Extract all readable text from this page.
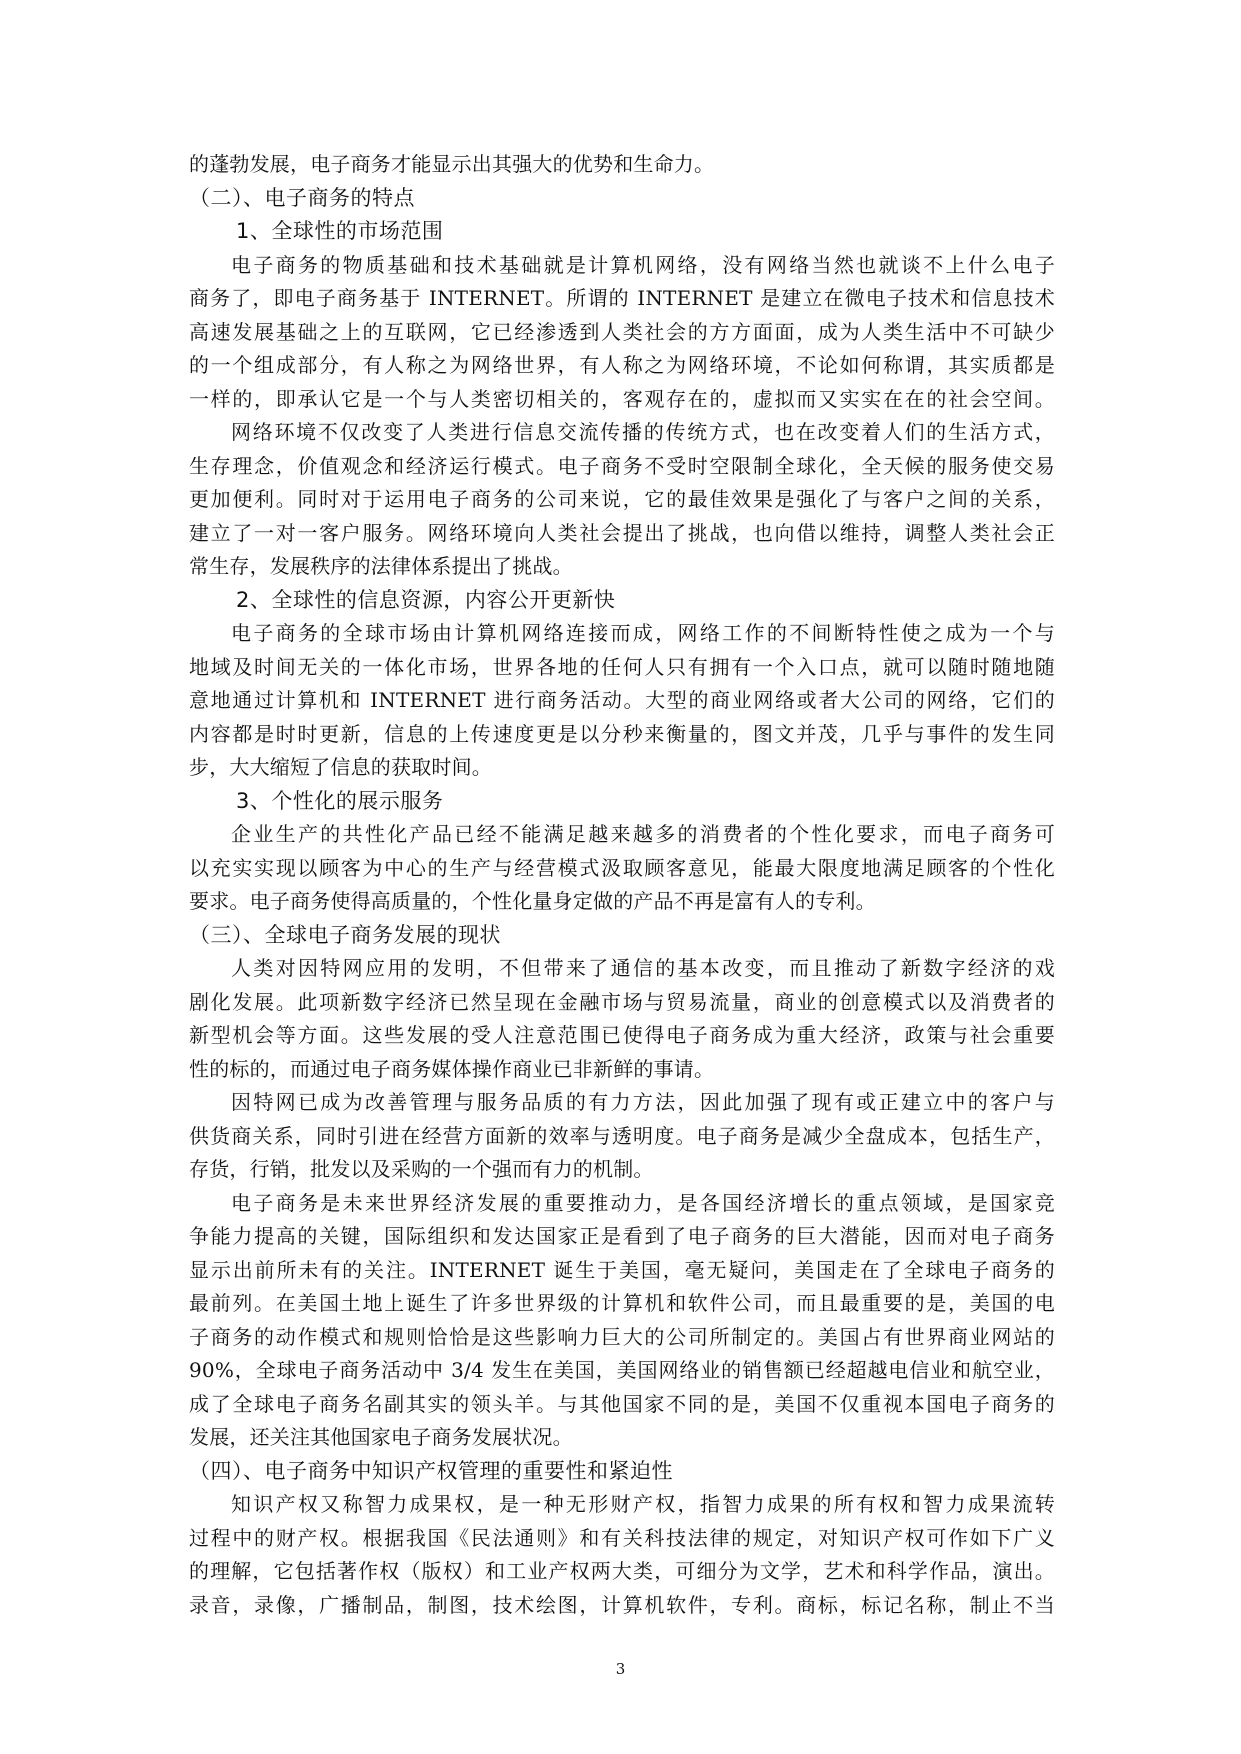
的蓬勃发展，电子商务才能显示出其强大的优势和生命力。
（二）、电子商务的特点
1、全球性的市场范围
电子商务的物质基础和技术基础就是计算机网络，没有网络当然也就谈不上什么电子
商务了，即电子商务基于 INTERNET。所谓的 INTERNET 是建立在微电子技术和信息技术
高速发展基础之上的互联网，它已经渗透到人类社会的方方面面，成为人类生活中不可缺少
的一个组成部分，有人称之为网络世界，有人称之为网络环境，不论如何称谓，其实质都是
一样的，即承认它是一个与人类密切相关的，客观存在的，虚拟而又实实在在的社会空间。
网络环境不仅改变了人类进行信息交流传播的传统方式，也在改变着人们的生活方式，
生存理念，价值观念和经济运行模式。电子商务不受时空限制全球化，全天候的服务使交易
更加便利。同时对于运用电子商务的公司来说，它的最佳效果是强化了与客户之间的关系，
建立了一对一客户服务。网络环境向人类社会提出了挑战，也向借以维持，调整人类社会正
常生存，发展秩序的法律体系提出了挑战。
2、全球性的信息资源，内容公开更新快
电子商务的全球市场由计算机网络连接而成，网络工作的不间断特性使之成为一个与
地域及时间无关的一体化市场，世界各地的任何人只有拥有一个入口点，就可以随时随地随
意地通过计算机和 INTERNET 进行商务活动。大型的商业网络或者大公司的网络，它们的
内容都是时时更新，信息的上传速度更是以分秒来衡量的，图文并茂，几乎与事件的发生同
步，大大缩短了信息的获取时间。
3、个性化的展示服务
企业生产的共性化产品已经不能满足越来越多的消费者的个性化要求，而电子商务可
以充实实现以顾客为中心的生产与经营模式汲取顾客意见，能最大限度地满足顾客的个性化
要求。电子商务使得高质量的，个性化量身定做的产品不再是富有人的专利。
（三）、全球电子商务发展的现状
人类对因特网应用的发明，不但带来了通信的基本改变，而且推动了新数字经济的戏
剧化发展。此项新数字经济已然呈现在金融市场与贸易流量，商业的创意模式以及消费者的
新型机会等方面。这些发展的受人注意范围已使得电子商务成为重大经济，政策与社会重要
性的标的，而通过电子商务媒体操作商业已非新鲜的事请。
因特网已成为改善管理与服务品质的有力方法，因此加强了现有或正建立中的客户与
供货商关系，同时引进在经营方面新的效率与透明度。电子商务是减少全盘成本，包括生产，
存货，行销，批发以及采购的一个强而有力的机制。
电子商务是未来世界经济发展的重要推动力，是各国经济增长的重点领域，是国家竞
争能力提高的关键，国际组织和发达国家正是看到了电子商务的巨大潜能，因而对电子商务
显示出前所未有的关注。INTERNET 诞生于美国，毫无疑问，美国走在了全球电子商务的
最前列。在美国土地上诞生了许多世界级的计算机和软件公司，而且最重要的是，美国的电
子商务的动作模式和规则恰恰是这些影响力巨大的公司所制定的。美国占有世界商业网站的
90%，全球电子商务活动中 3/4 发生在美国，美国网络业的销售额已经超越电信业和航空业，
成了全球电子商务名副其实的领头羊。与其他国家不同的是，美国不仅重视本国电子商务的
发展，还关注其他国家电子商务发展状况。
（四）、电子商务中知识产权管理的重要性和紧迫性
知识产权又称智力成果权，是一种无形财产权，指智力成果的所有权和智力成果流转
过程中的财产权。根据我国《民法通则》和有关科技法律的规定，对知识产权可作如下广义
的理解，它包括著作权（版权）和工业产权两大类，可细分为文学，艺术和科学作品，演出。
录音，录像，广播制品，制图，技术绘图，计算机软件，专利。商标，标记名称，制止不当
3
